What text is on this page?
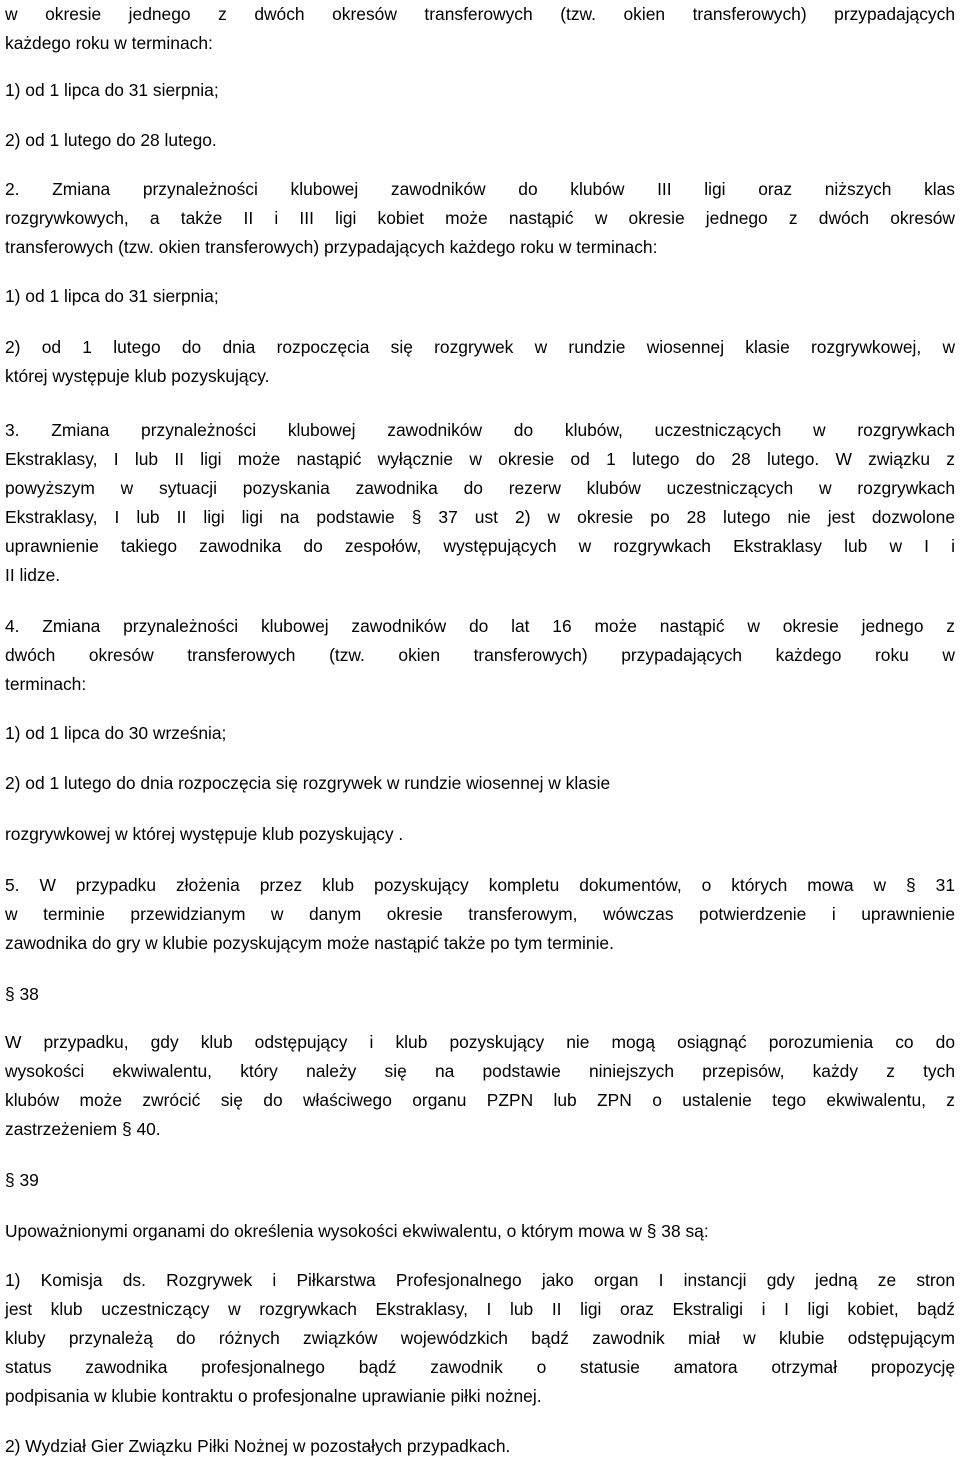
w okresie jednego z dwóch okresów transferowych (tzw. okien transferowych) przypadających
każdego roku w terminach:
1) od 1 lipca do 31 sierpnia;
2) od 1 lutego do 28 lutego.
2. Zmiana przynależności klubowej zawodników do klubów III ligi oraz niższych klas
rozgrywkowych, a także II i III ligi kobiet może nastąpić w okresie jednego z dwóch okresów
transferowych (tzw. okien transferowych) przypadających każdego roku w terminach:
1) od 1 lipca do 31 sierpnia;
2) od 1 lutego do dnia rozpoczęcia się rozgrywek w rundzie wiosennej klasie rozgrywkowej, w
której występuje klub pozyskujący.
3. Zmiana przynależności klubowej zawodników do klubów, uczestniczących w rozgrywkach
Ekstraklasy, I lub II ligi może nastąpić wyłącznie w okresie od 1 lutego do 28 lutego. W związku z
powyższym w sytuacji pozyskania zawodnika do rezerw klubów uczestniczących w rozgrywkach
Ekstraklasy, I lub II ligi ligi na podstawie § 37 ust 2) w okresie po 28 lutego nie jest dozwolone
uprawnienie takiego zawodnika do zespołów, występujących w rozgrywkach Ekstraklasy lub w I i
II lidze.
4. Zmiana przynależności klubowej zawodników do lat 16 może nastąpić w okresie jednego z
dwóch okresów transferowych (tzw. okien transferowych) przypadających każdego roku w
terminach:
1) od 1 lipca do 30 września;
2) od 1 lutego do dnia rozpoczęcia się rozgrywek w rundzie wiosennej w klasie
rozgrywkowej w której występuje klub pozyskujący .
5. W przypadku złożenia przez klub pozyskujący kompletu dokumentów, o których mowa w § 31
w terminie przewidzianym w danym okresie transferowym, wówczas potwierdzenie i uprawnienie
zawodnika do gry w klubie pozyskującym może nastąpić także po tym terminie.
§ 38
W przypadku, gdy klub odstępujący i klub pozyskujący nie mogą osiągnąć porozumienia co do
wysokości ekwiwalentu, który należy się na podstawie niniejszych przepisów, każdy z tych
klubów może zwrócić się do właściwego organu PZPN lub ZPN o ustalenie tego ekwiwalentu, z
zastrzeżeniem § 40.
§ 39
Upoważnionymi organami do określenia wysokości ekwiwalentu, o którym mowa w § 38 są:
1) Komisja ds. Rozgrywek i Piłkarstwa Profesjonalnego jako organ I instancji gdy jedną ze stron
jest klub uczestniczący w rozgrywkach Ekstraklasy, I lub II ligi oraz Ekstraligi i I ligi kobiet, bądź
kluby przynależą do różnych związków wojewódzkich bądź zawodnik miał w klubie odstępującym
status zawodnika profesjonalnego bądź zawodnik o statusie amatora otrzymał propozycję
podpisania w klubie kontraktu o profesjonalne uprawianie piłki nożnej.
2) Wydział Gier Związku Piłki Nożnej w pozostałych przypadkach.
